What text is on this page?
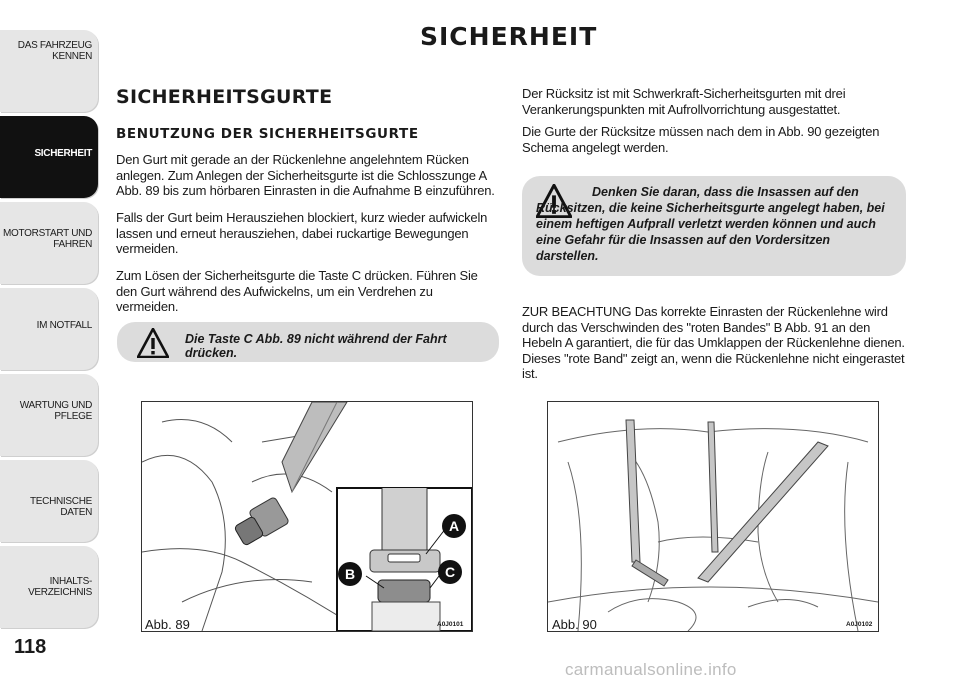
DAS FAHRZEUG
KENNEN
SICHERHEIT
MOTORSTART UND
FAHREN
IM NOTFALL
WARTUNG UND
PFLEGE
TECHNISCHE DATEN
INHALTS-
VERZEICHNIS
118
SICHERHEIT
SICHERHEITSGURTE
BENUTZUNG DER SICHERHEITSGURTE
Den Gurt mit gerade an der Rückenlehne angelehntem Rücken anlegen. Zum Anlegen der Sicherheitsgurte ist die Schlosszunge A Abb. 89 bis zum hörbaren Einrasten in die Aufnahme B einzuführen.
Falls der Gurt beim Herausziehen blockiert, kurz wieder aufwickeln lassen und erneut herausziehen, dabei ruckartige Bewegungen vermeiden.
Zum Lösen der Sicherheitsgurte die Taste C drücken. Führen Sie den Gurt während des Aufwickelns, um ein Verdrehen zu vermeiden.
Die Taste C Abb. 89 nicht während der Fahrt drücken.
Der Rücksitz ist mit Schwerkraft-Sicherheitsgurten mit drei Verankerungspunkten mit Aufrollvorrichtung ausgestattet.
Die Gurte der Rücksitze müssen nach dem in Abb. 90 gezeigten Schema angelegt werden.
Denken Sie daran, dass die Insassen auf den Rücksitzen, die keine Sicherheitsgurte angelegt haben, bei einem heftigen Aufprall verletzt werden können und auch eine Gefahr für die Insassen auf den Vordersitzen darstellen.
ZUR BEACHTUNG Das korrekte Einrasten der Rückenlehne wird durch das Verschwinden des "roten Bandes" B Abb. 91 an den Hebeln A garantiert, die für das Umklappen der Rückenlehne dienen. Dieses "rote Band" zeigt an, wenn die Rückenlehne nicht eingerastet ist.
A
B	C
Abb. 89	A0J0101	Abb. 90	A0J0102
carmanualsonline.info
